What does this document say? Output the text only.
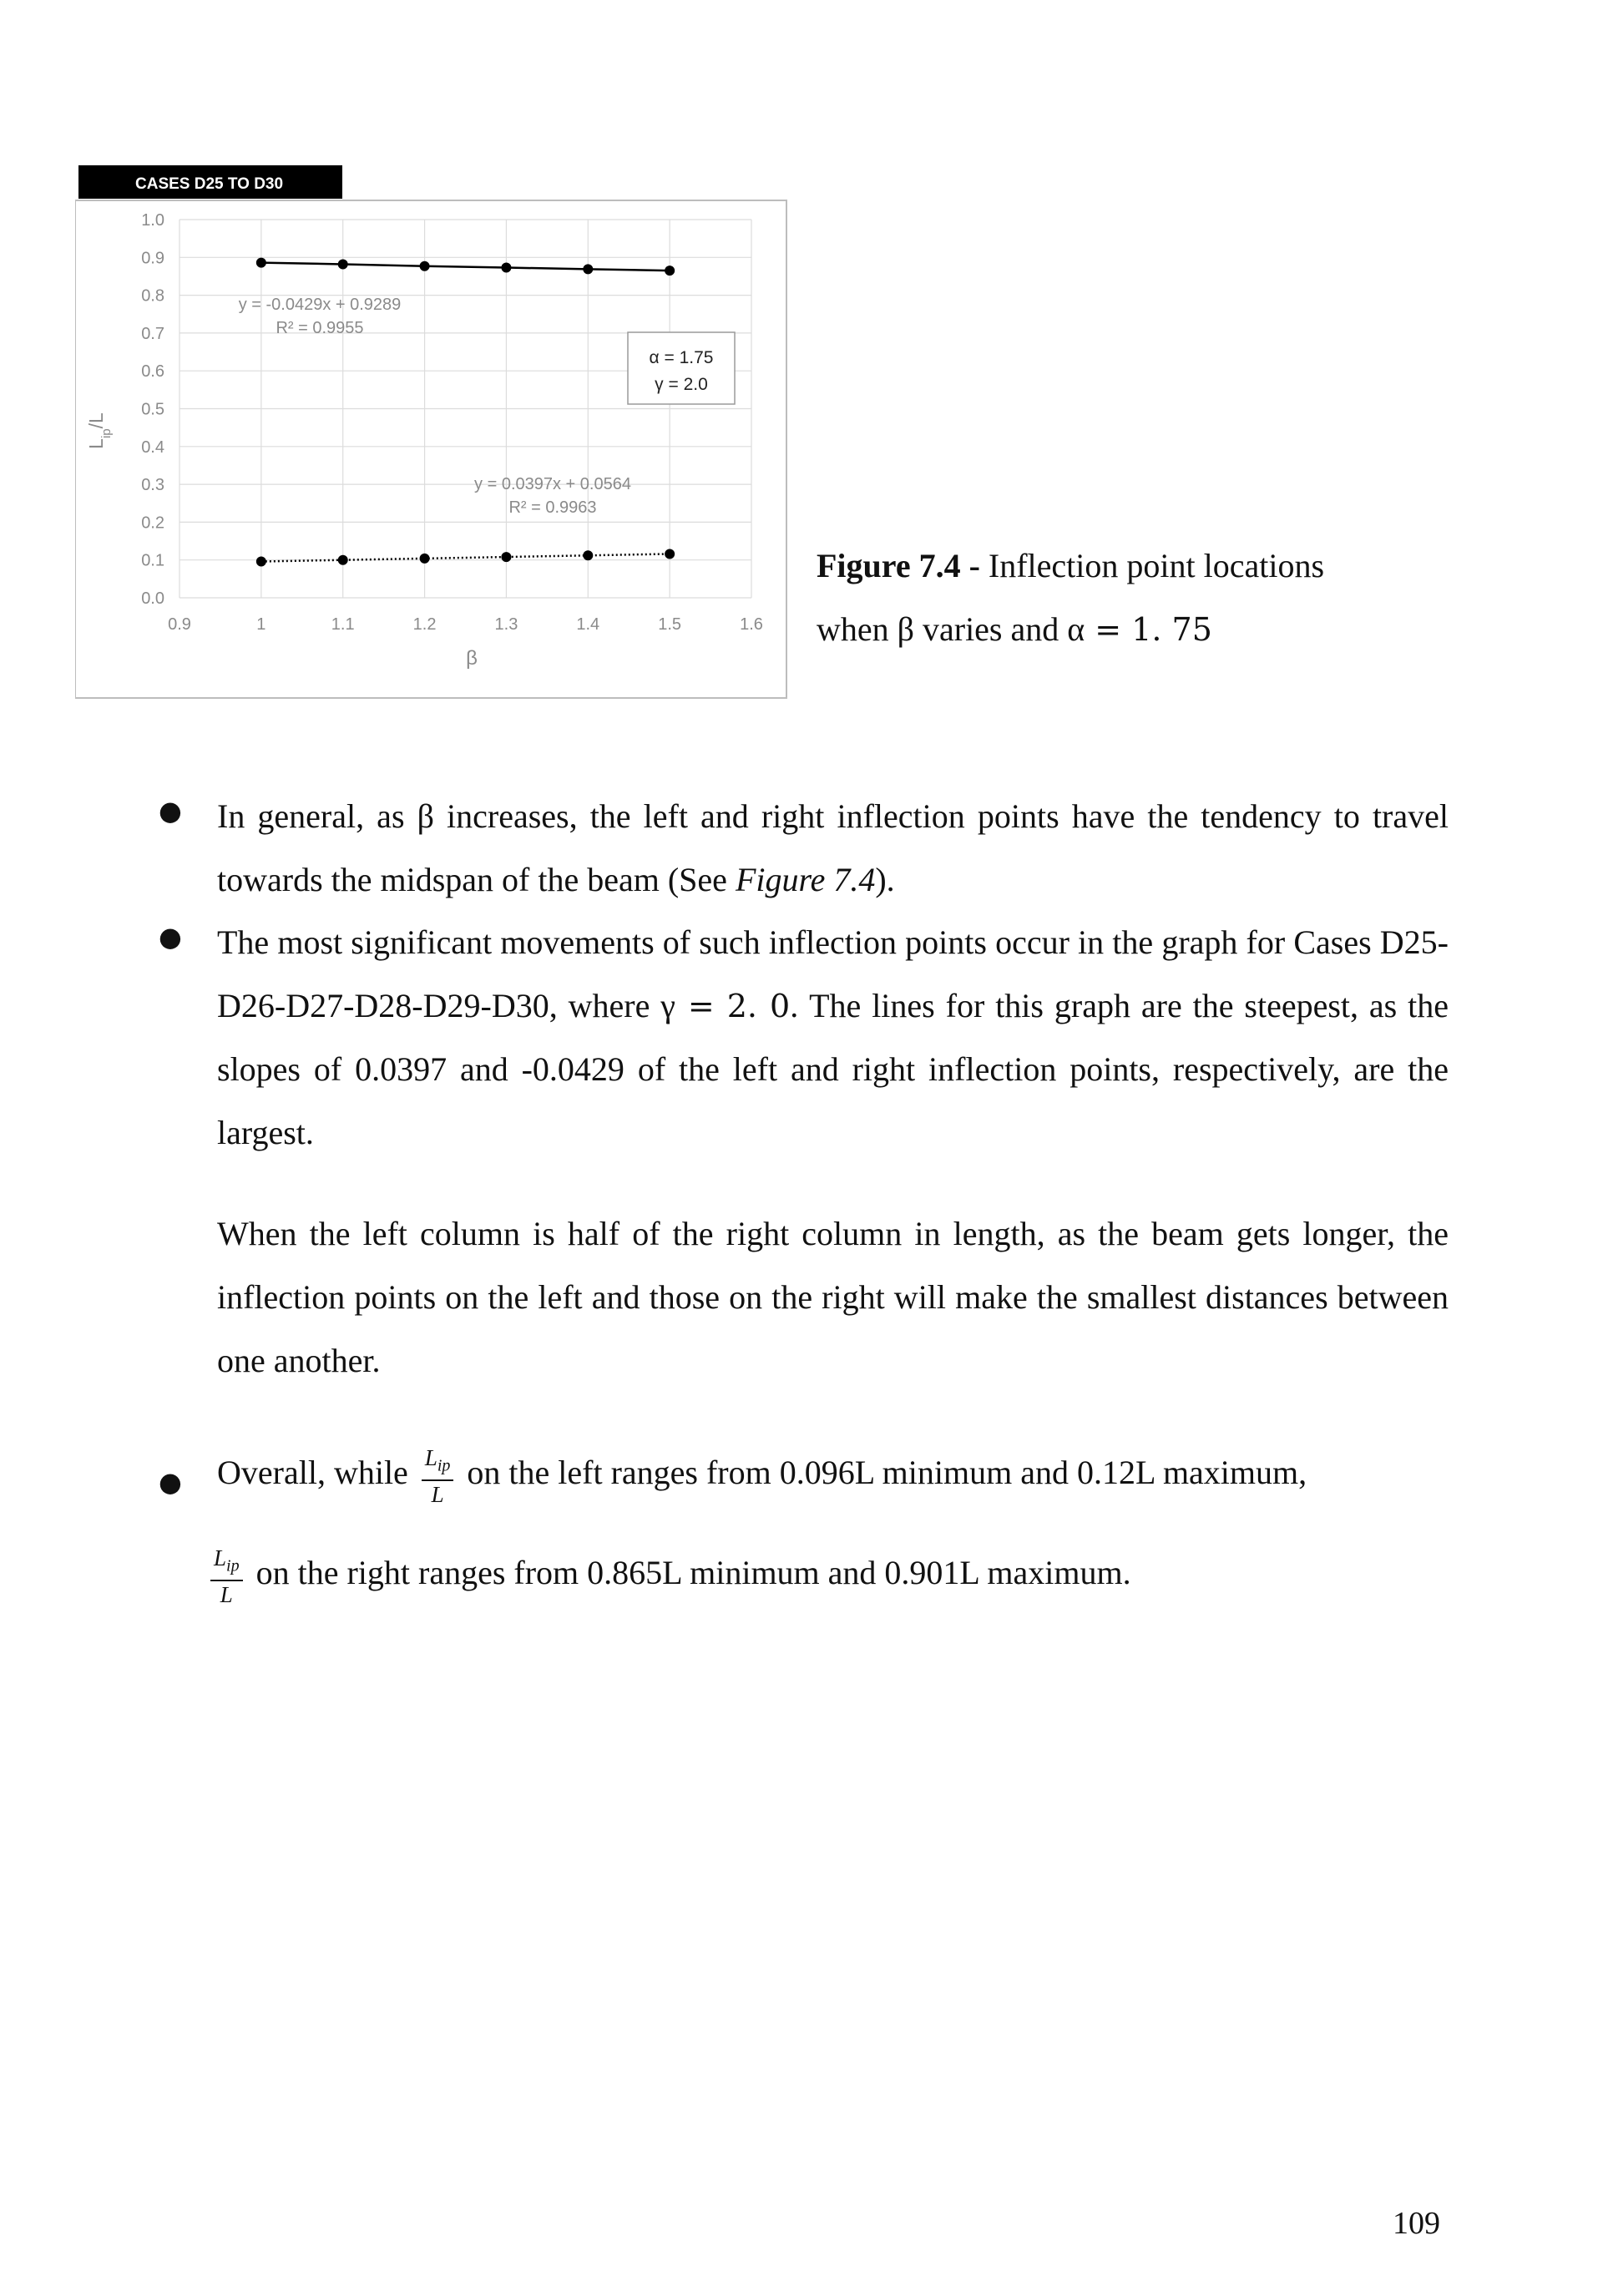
CASES D25 TO D30
0.0
0.1
0.2
0.3
0.4
0.5
0.6
0.7
0.8
0.9
1.0
0.9	1	1.1	1.2	1.3	1.4	1.5	1.6
β
$L_{ip}/L$
y = -0.0429x + 0.9289
R² = 0.9955
y = 0.0397x + 0.0564
R² = 0.9963
α = 1.75
γ = 2.0
Figure 7.4 - Inflection point locations
when β varies and α = 1. 75
● In general, as β increases, the left and right inflection points have the tendency to travel towards the midspan of the beam (See Figure 7.4).
● The most significant movements of such inflection points occur in the graph for Cases D25-D26-D27-D28-D29-D30, where γ = 2. 0. The lines for this graph are the steepest, as the slopes of 0.0397 and -0.0429 of the left and right inflection points, respectively, are the largest.
When the left column is half of the right column in length, as the beam gets longer, the inflection points on the left and those on the right will make the smallest distances between one another.
● Overall, while $\frac{L_{ip}}{L}$ on the left ranges from 0.096L minimum and 0.12L maximum,
$\frac{L_{ip}}{L}$ on the right ranges from 0.865L minimum and 0.901L maximum.
109
